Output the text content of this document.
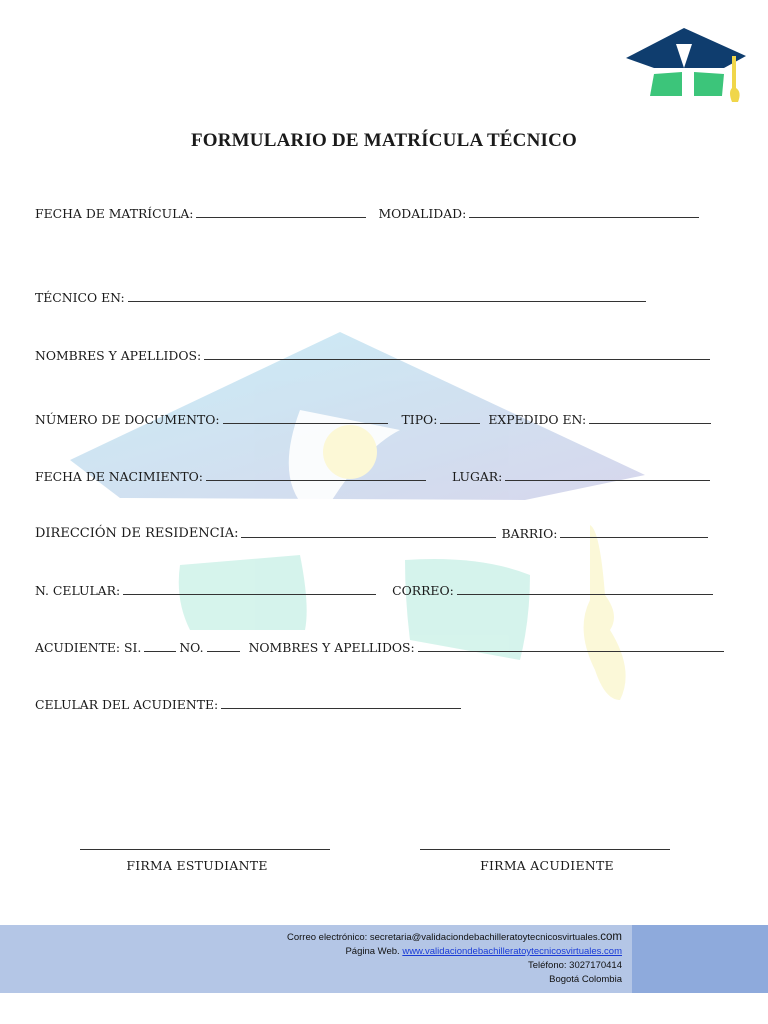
FORMULARIO DE MATRÍCULA TÉCNICO
FECHA DE MATRÍCULA:	MODALIDAD:
TÉCNICO EN:
NOMBRES Y APELLIDOS:
NÚMERO DE DOCUMENTO:	TIPO:	EXPEDIDO EN:
FECHA DE NACIMIENTO:	LUGAR:
DIRECCIÓN DE RESIDENCIA:	BARRIO:
N. CELULAR:	CORREO:
ACUDIENTE: SI.	NO.	NOMBRES Y APELLIDOS:
CELULAR DEL ACUDIENTE:
FIRMA ESTUDIANTE	FIRMA ACUDIENTE
Correo electrónico: secretaria@validaciondebachilleratoytecnicosvirtuales.com
Página Web. www.validaciondebachilleratoytecnicosvirtuales.com
Teléfono: 3027170414
Bogotá Colombia
